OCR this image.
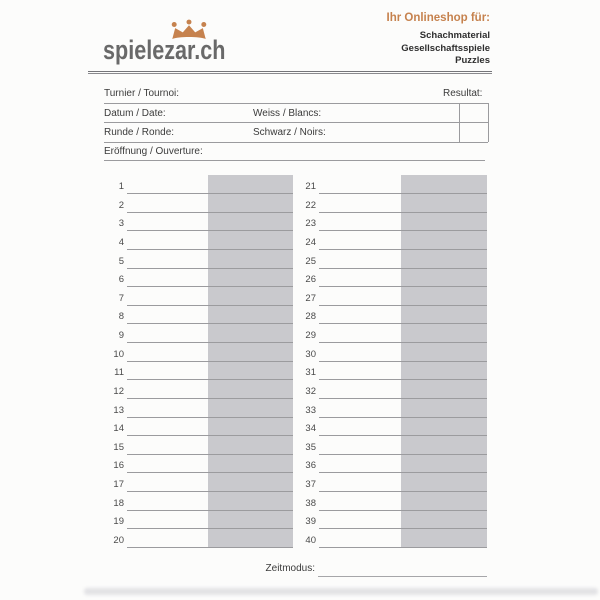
spielezar.ch
Ihr Onlineshop für:
Schachmaterial
Gesellschaftsspiele
Puzzles
Turnier / Tournoi:	Resultat:
Datum / Date:	Weiss / Blancs:
Runde / Ronde:	Schwarz / Noirs:
Eröffnung / Ouverture:
1
2
3
4
5
6
7
8
9
10
11
12
13
14
15
16
17
18
19
20
21
22
23
24
25
26
27
28
29
30
31
32
33
34
35
36
37
38
39
40
Zeitmodus:
